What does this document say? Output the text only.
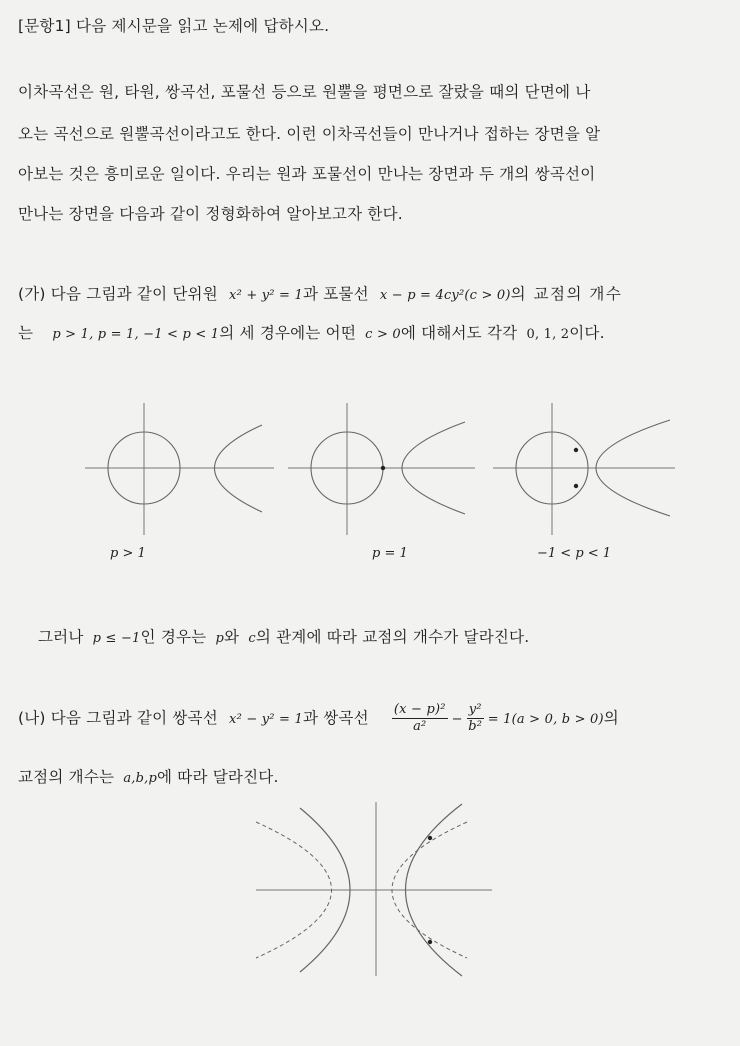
[문항1] 다음 제시문을 읽고 논제에 답하시오.
이차곡선은 원, 타원, 쌍곡선, 포물선 등으로 원뿔을 평면으로 잘랐을 때의 단면에 나
오는 곡선으로 원뿔곡선이라고도 한다. 이런 이차곡선들이 만나거나 접하는 장면을 알
아보는 것은 흥미로운 일이다. 우리는 원과 포물선이 만나는 장면과 두 개의 쌍곡선이
만나는 장면을 다음과 같이 정형화하여 알아보고자 한다.
(가) 다음 그림과 같이 단위원 x² + y² = 1과 포물선 x − p = 4cy²(c > 0)의 교점의 개수
는 p > 1, p = 1, −1 < p < 1의 세 경우에는 어떤 c > 0에 대해서도 각각 0, 1, 2이다.
p > 1	p = 1	−1 < p < 1
그러나 p ≤ −1인 경우는 p와 c의 관계에 따라 교점의 개수가 달라진다.
(나) 다음 그림과 같이 쌍곡선 x² − y² = 1과 쌍곡선 $\frac{\text{(x − p)²}}{\text{a²}} - \frac{\text{y²}}{\text{b²}} = 1(a > 0$, b > 0)의
교점의 개수는 a,b,p에 따라 달라진다.
